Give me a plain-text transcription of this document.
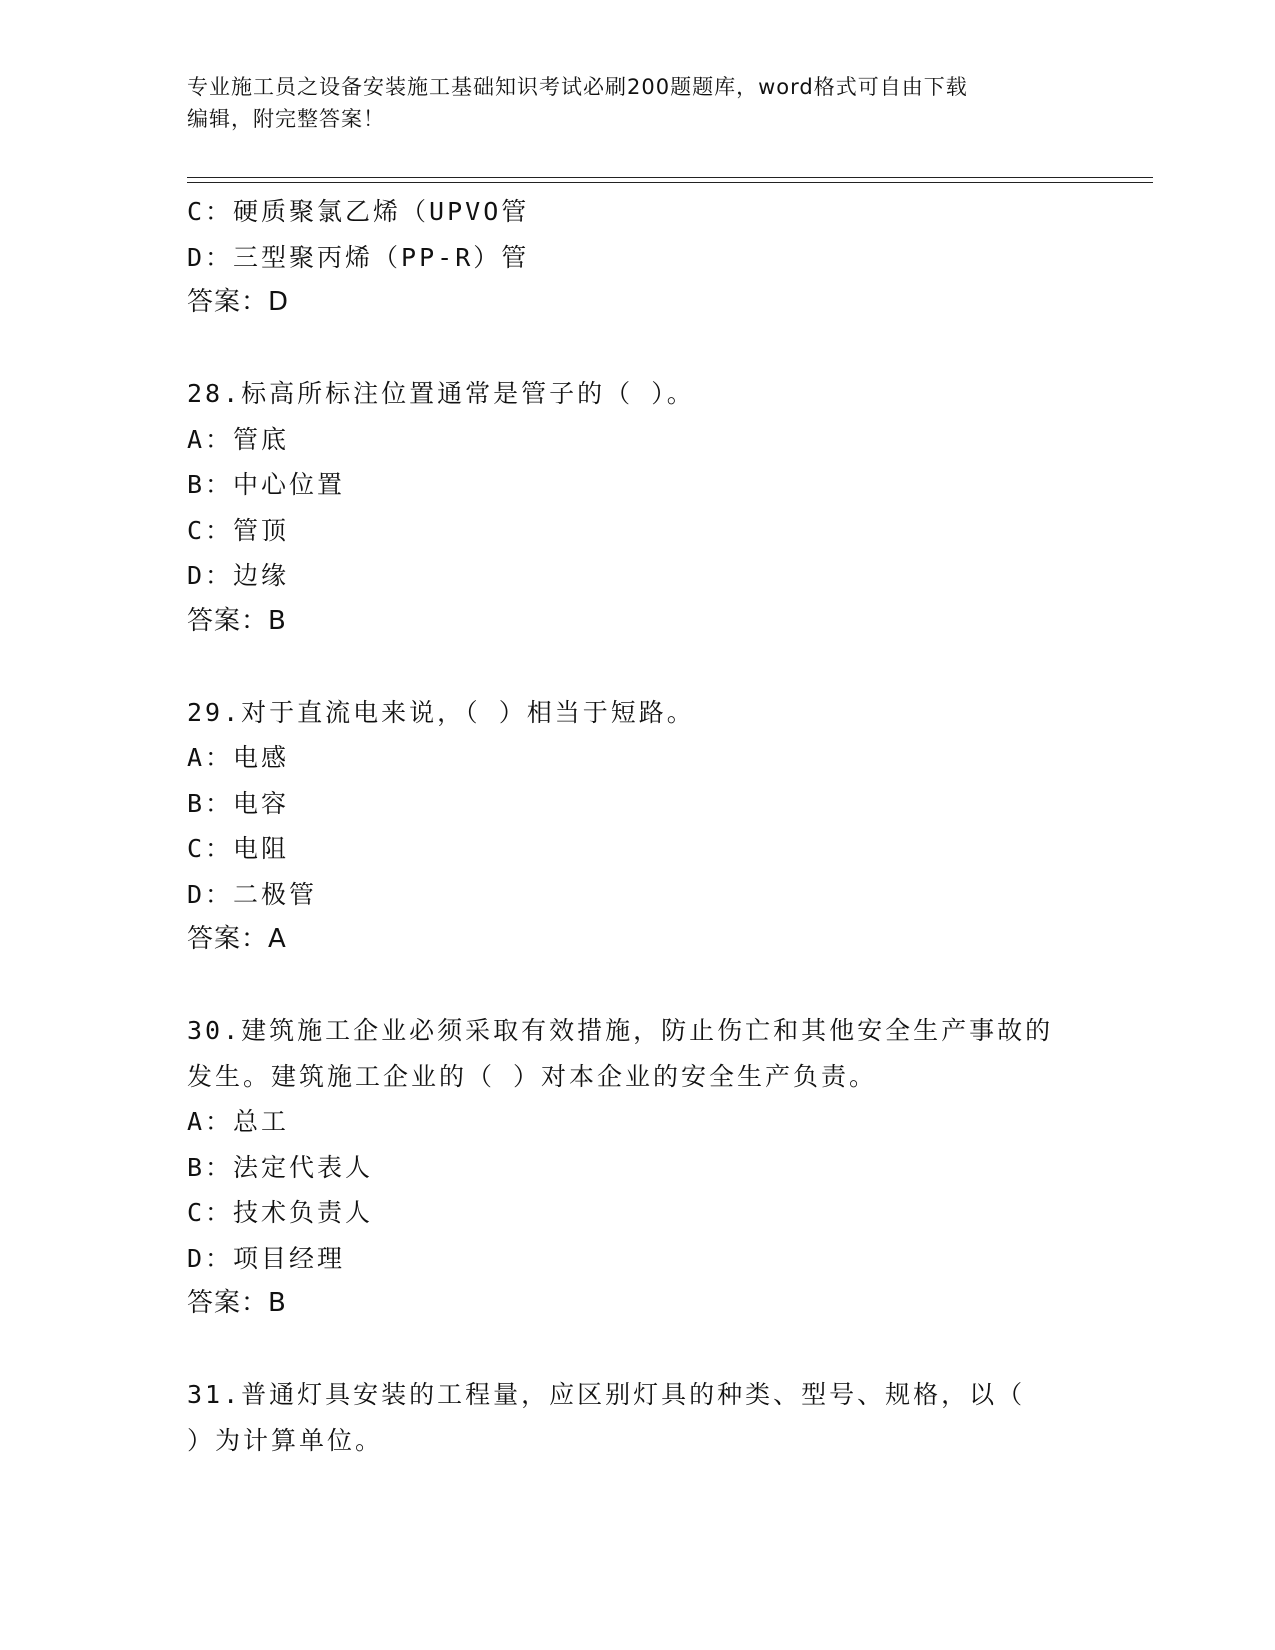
专业施工员之设备安装施工基础知识考试必刷200题题库，word格式可自由下载
编辑，附完整答案！
C：硬质聚氯乙烯（UPVO管
D：三型聚丙烯（PP-R）管
答案：D
28.标高所标注位置通常是管子的（ ）。
A：管底
B：中心位置
C：管顶
D：边缘
答案：B
29.对于直流电来说，（ ）相当于短路。
A：电感
B：电容
C：电阻
D：二极管
答案：A
30.建筑施工企业必须采取有效措施，防止伤亡和其他安全生产事故的
发生。建筑施工企业的（ ）对本企业的安全生产负责。
A：总工
B：法定代表人
C：技术负责人
D：项目经理
答案：B
31.普通灯具安装的工程量，应区别灯具的种类、型号、规格，以（
）为计算单位。
